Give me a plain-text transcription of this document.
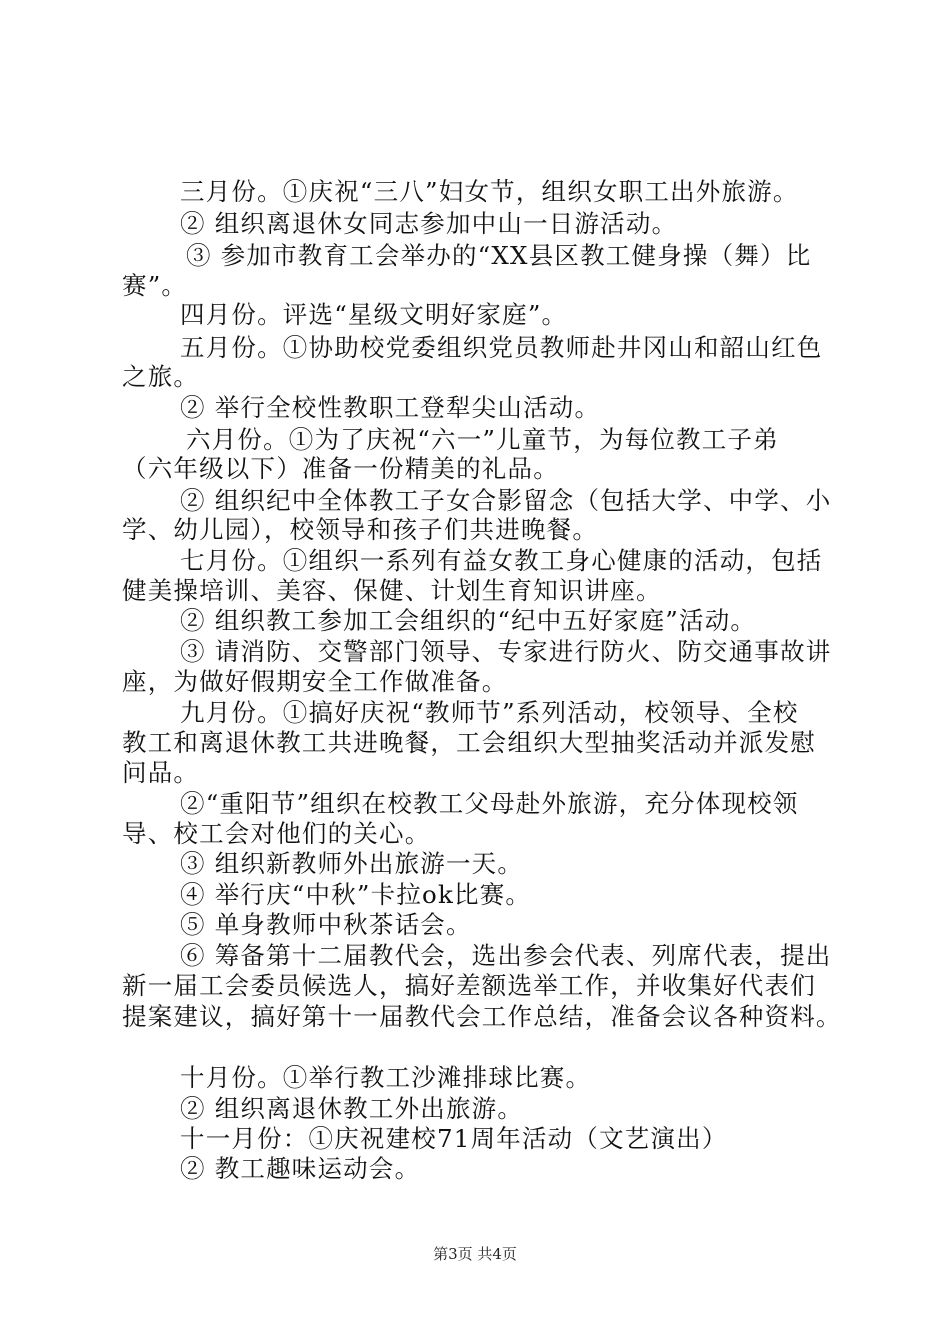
三月份。①庆祝“三八”妇女节，组织女职工出外旅游。
② 组织离退休女同志参加中山一日游活动。
③ 参加市教育工会举办的“XX县区教工健身操（舞）比
赛”。
四月份。评选“星级文明好家庭”。
五月份。①协助校党委组织党员教师赴井冈山和韶山红色
之旅。
② 举行全校性教职工登犁尖山活动。
六月份。①为了庆祝“六一”儿童节，为每位教工子弟
（六年级以下）准备一份精美的礼品。
② 组织纪中全体教工子女合影留念（包括大学、中学、小
学、幼儿园），校领导和孩子们共进晚餐。
七月份。①组织一系列有益女教工身心健康的活动，包括
健美操培训、美容、保健、计划生育知识讲座。
② 组织教工参加工会组织的“纪中五好家庭”活动。
③ 请消防、交警部门领导、专家进行防火、防交通事故讲
座，为做好假期安全工作做准备。
九月份。①搞好庆祝“教师节”系列活动，校领导、全校
教工和离退休教工共进晚餐，工会组织大型抽奖活动并派发慰
问品。
②“重阳节”组织在校教工父母赴外旅游，充分体现校领
导、校工会对他们的关心。
③ 组织新教师外出旅游一天。
④ 举行庆“中秋”卡拉ok比赛。
⑤ 单身教师中秋茶话会。
⑥ 筹备第十二届教代会，选出参会代表、列席代表，提出
新一届工会委员候选人，搞好差额选举工作，并收集好代表们
提案建议，搞好第十一届教代会工作总结，准备会议各种资料。
十月份。①举行教工沙滩排球比赛。
② 组织离退休教工外出旅游。
十一月份：①庆祝建校71周年活动（文艺演出）
② 教工趣味运动会。
第3页 共4页
